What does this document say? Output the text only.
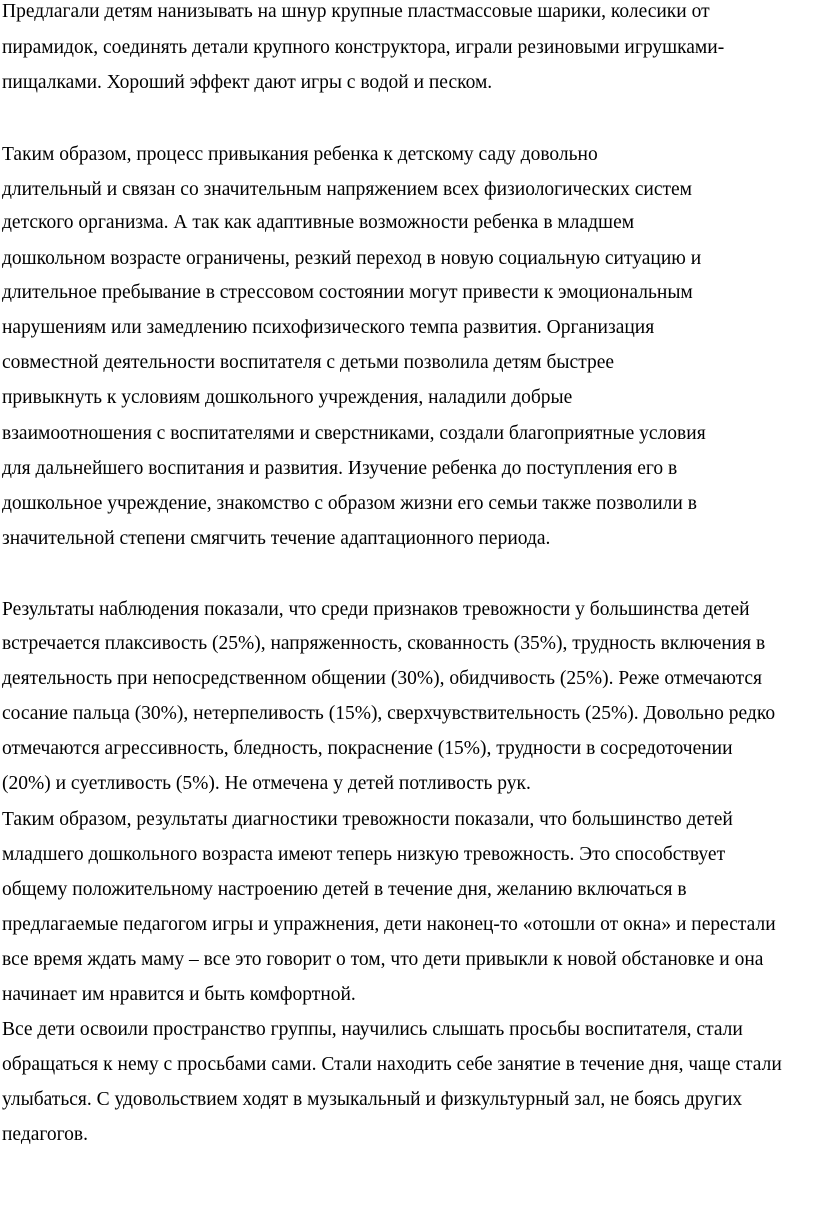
Предлагали детям нанизывать на шнур крупные пластмассовые шарики, колесики от
пирамидок, соединять детали крупного конструктора, играли резиновыми игрушками-
пищалками. Хороший эффект дают игры с водой и песком.
Таким образом, процесс привыкания ребенка к детскому саду довольно
длительный и связан со значительным напряжением всех физиологических систем
детского организма. А так как адаптивные возможности ребенка в младшем
дошкольном возрасте ограничены, резкий переход в новую социальную ситуацию и
длительное пребывание в стрессовом состоянии могут привести к эмоциональным
нарушениям или замедлению психофизического темпа развития. Организация
совместной деятельности воспитателя с детьми позволила детям быстрее
привыкнуть к условиям дошкольного учреждения, наладили добрые
взаимоотношения с воспитателями и сверстниками, создали благоприятные условия
для дальнейшего воспитания и развития. Изучение ребенка до поступления его в
дошкольное учреждение, знакомство с образом жизни его семьи также позволили в
значительной степени смягчить течение адаптационного периода.
Результаты наблюдения показали, что среди признаков тревожности у большинства детей
встречается плаксивость (25%), напряженность, скованность (35%), трудность включения в
деятельность при непосредственном общении (30%), обидчивость (25%). Реже отмечаются
сосание пальца (30%), нетерпеливость (15%), сверхчувствительность (25%). Довольно редко
отмечаются агрессивность, бледность, покраснение (15%), трудности в сосредоточении
(20%) и суетливость (5%). Не отмечена у детей потливость рук.
Таким образом, результаты диагностики тревожности показали, что большинство детей
младшего дошкольного возраста имеют теперь низкую тревожность. Это способствует
общему положительному настроению детей в течение дня, желанию включаться в
предлагаемые педагогом игры и упражнения, дети наконец-то «отошли от окна» и перестали
все время ждать маму – все это говорит о том, что дети привыкли к новой обстановке и она
начинает им нравится и быть комфортной.
Все дети освоили пространство группы, научились слышать просьбы воспитателя, стали
обращаться к нему с просьбами сами. Стали находить себе занятие в течение дня, чаще стали
улыбаться. С удовольствием ходят в музыкальный и физкультурный зал, не боясь других
педагогов.
